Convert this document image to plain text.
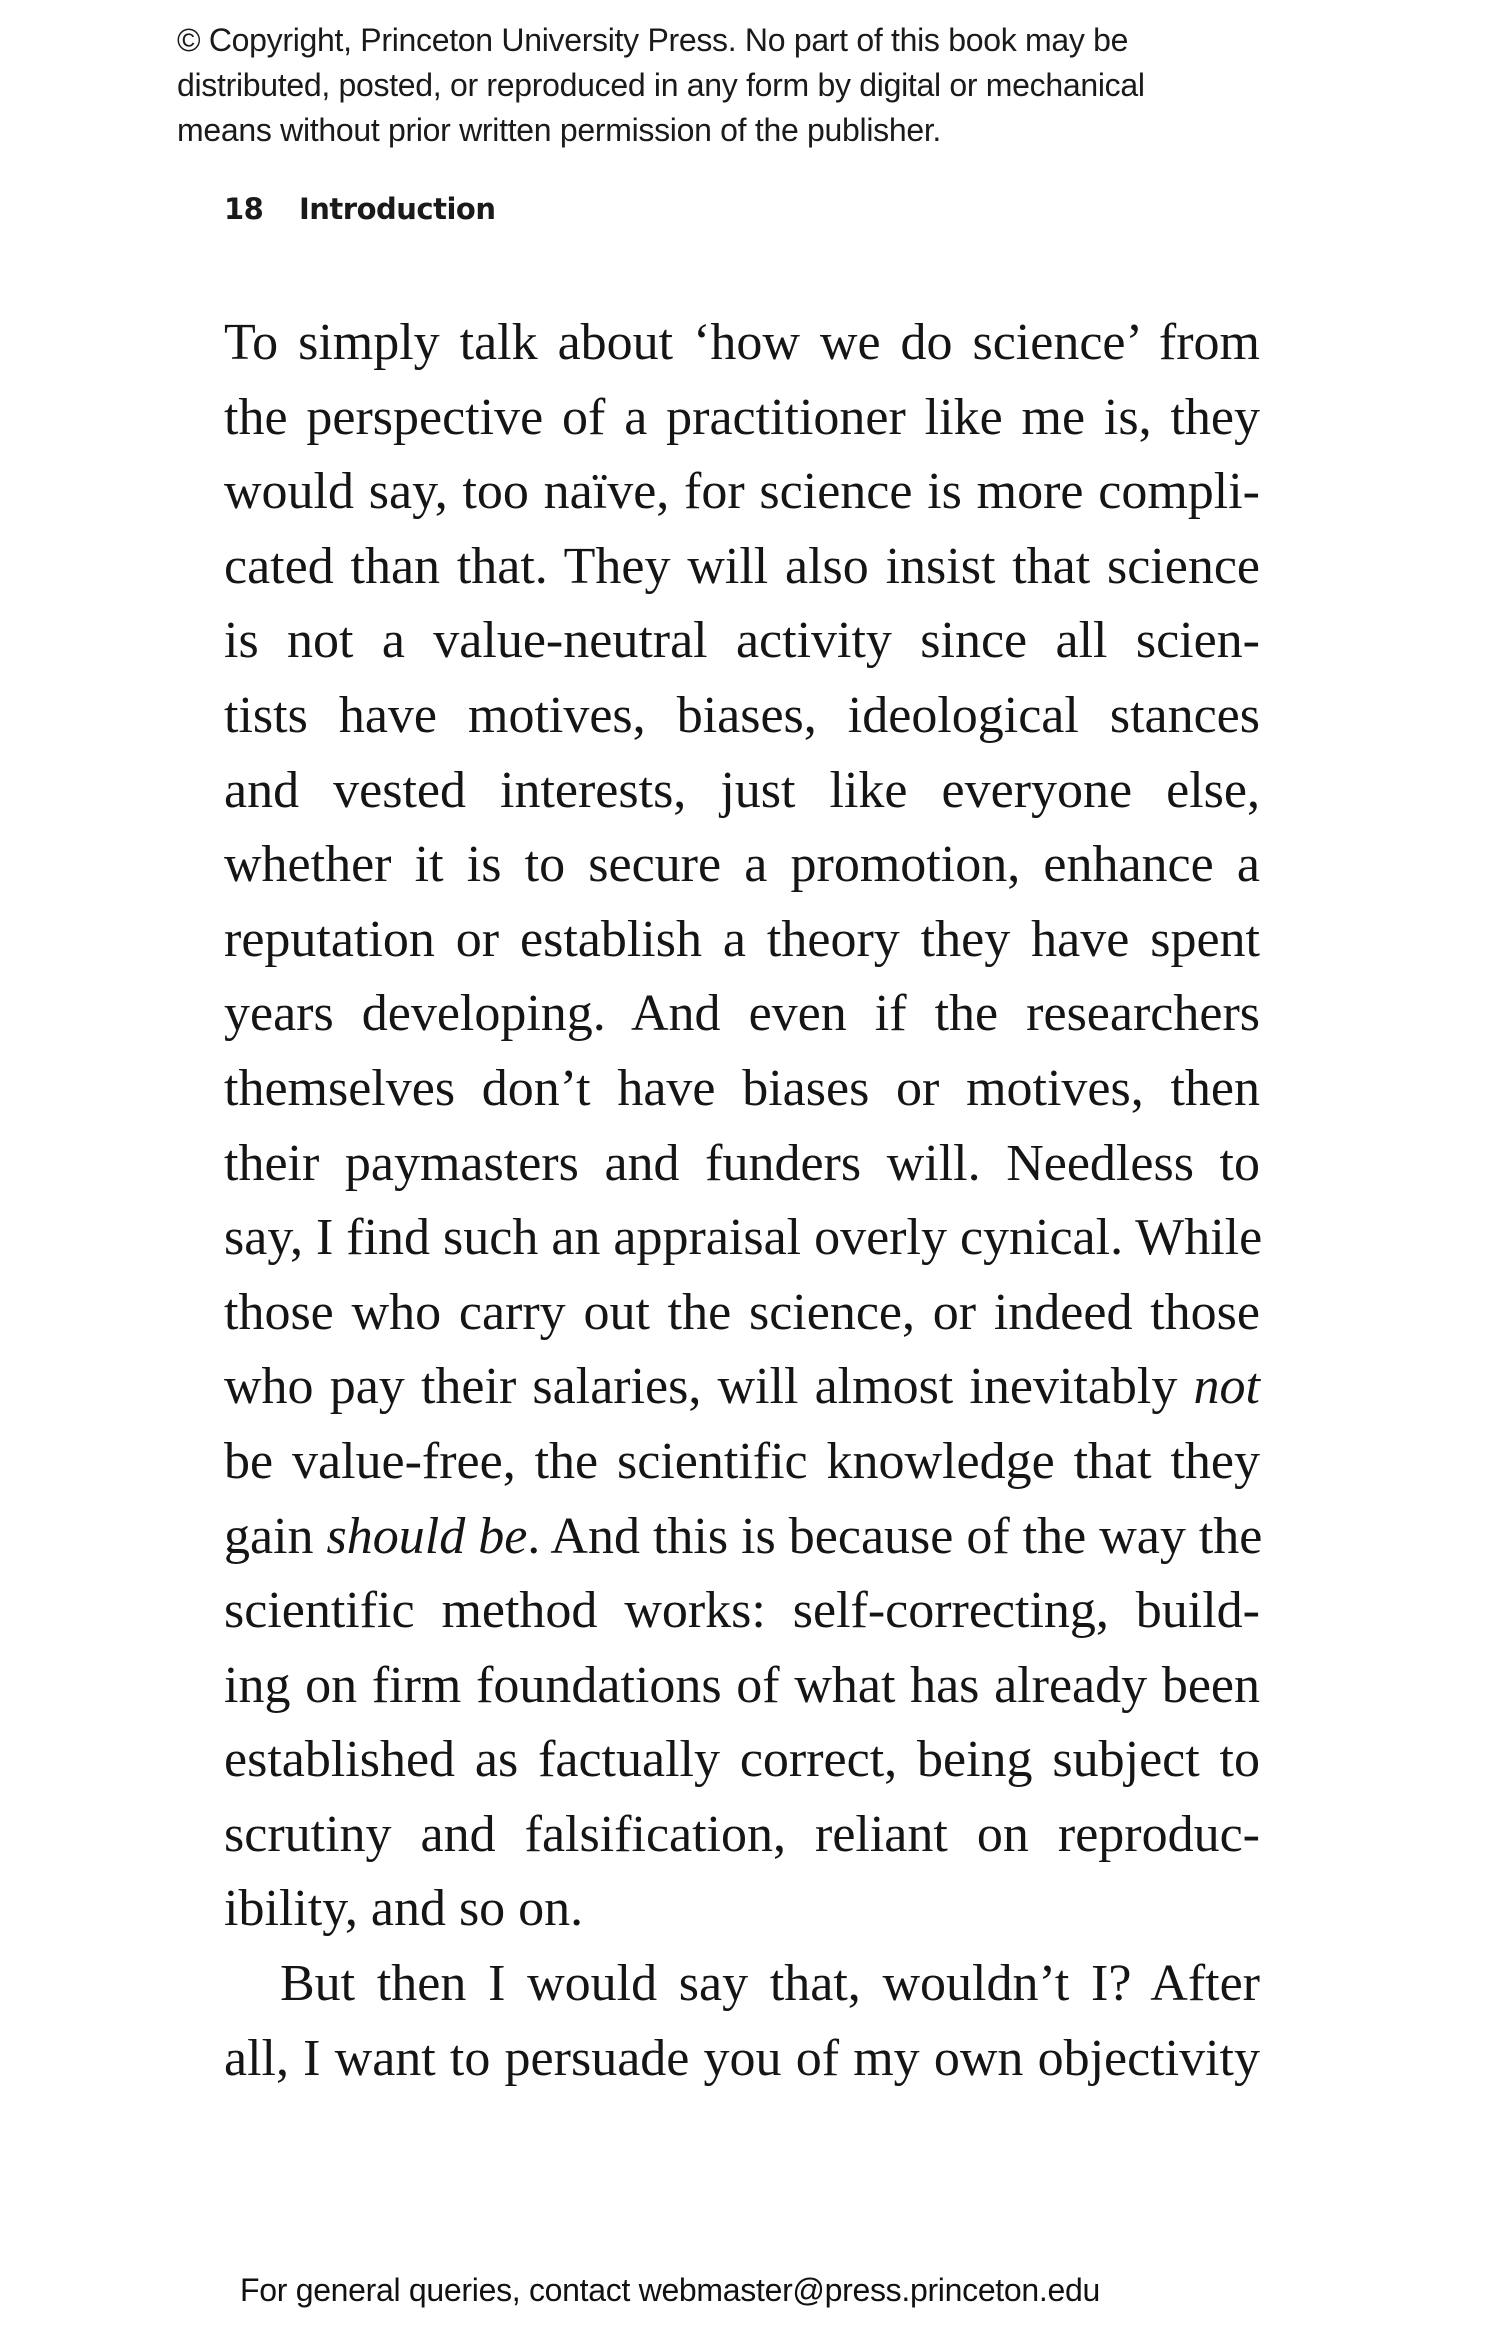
© Copyright, Princeton University Press. No part of this book may be
distributed, posted, or reproduced in any form by digital or mechanical
means without prior written permission of the publisher.
18 Introduction
To simply talk about ‘how we do science’ from
the perspective of a practitioner like me is, they
would say, too naïve, for science is more compli-
cated than that. They will also insist that science
is not a value-neutral activity since all scien-
tists have motives, biases, ideological stances
and vested interests, just like everyone else,
whether it is to secure a promotion, enhance a
reputation or establish a theory they have spent
years developing. And even if the researchers
themselves don’t have biases or motives, then
their paymasters and funders will. Needless to
say, I find such an appraisal overly cynical. While
those who carry out the science, or indeed those
who pay their salaries, will almost inevitably not
be value-free, the scientific knowledge that they
gain should be. And this is because of the way the
scientific method works: self-correcting, build-
ing on firm foundations of what has already been
established as factually correct, being subject to
scrutiny and falsification, reliant on reproduc-
ibility, and so on.
But then I would say that, wouldn’t I? After
all, I want to persuade you of my own objectivity
For general queries, contact webmaster@press.princeton.edu
